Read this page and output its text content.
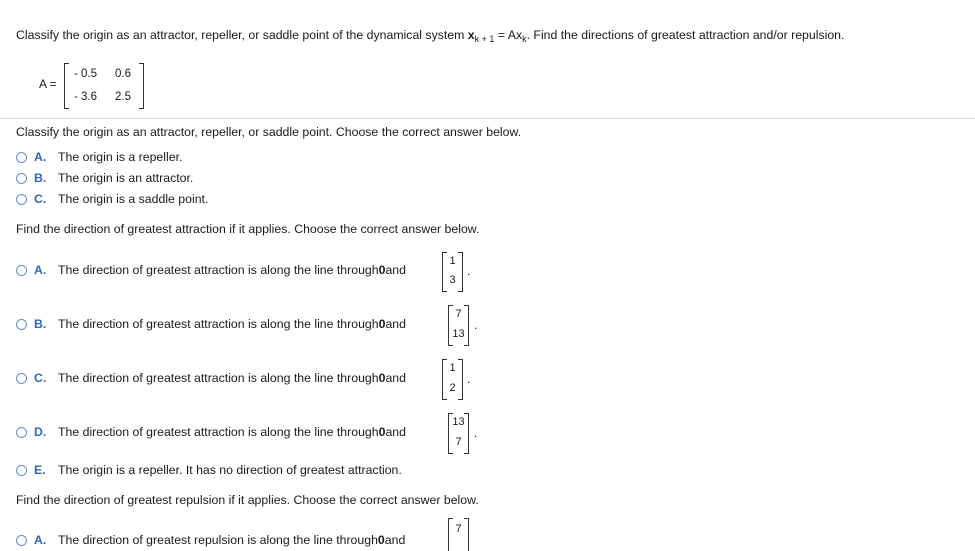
Classify the origin as an attractor, repeller, or saddle point of the dynamical system $x_{k + 1} = Ax_k$. Find the directions of greatest attraction and/or repulsion.
A =
- 0.5 0.6
- 3.6 2.5
Classify the origin as an attractor, repeller, or saddle point. Choose the correct answer below.
A. The origin is a repeller.
B. The origin is an attractor.
C. The origin is a saddle point.
Find the direction of greatest attraction if it applies. Choose the correct answer below.
A. The direction of greatest attraction is along the line through 0 and
1
3
.
B. The direction of greatest attraction is along the line through 0 and
7
13
.
C. The direction of greatest attraction is along the line through 0 and
1
2
.
D. The direction of greatest attraction is along the line through 0 and
13
7
.
E.	The origin is a repeller. It has no direction of greatest attraction.
Find the direction of greatest repulsion if it applies. Choose the correct answer below.
A. The direction of greatest repulsion is along the line through 0 and
7
